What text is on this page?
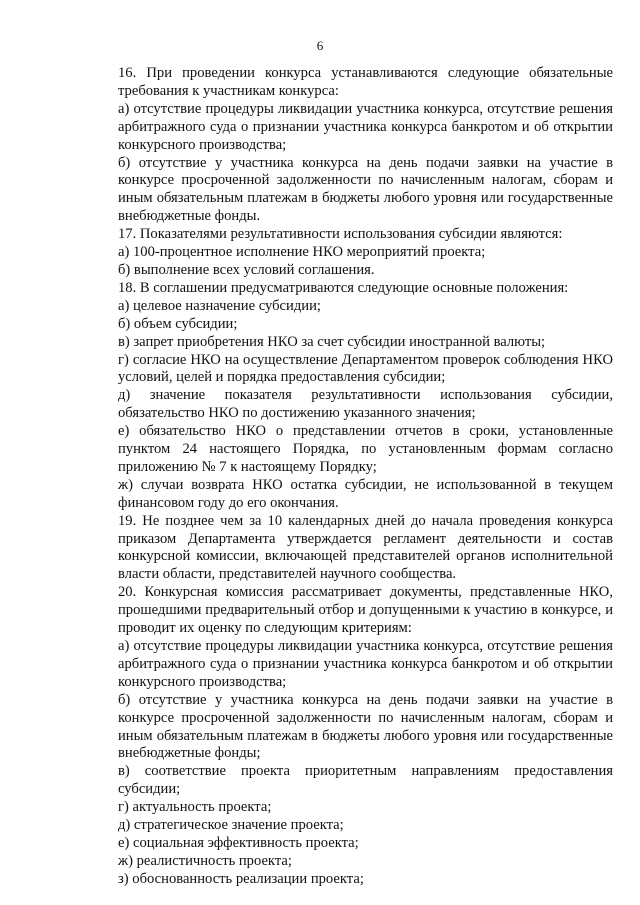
6

16. При проведении конкурса устанавливаются следующие обязательные требования к участникам конкурса:

а) отсутствие процедуры ликвидации участника конкурса, отсутствие решения арбитражного суда о признании участника конкурса банкротом и об открытии конкурсного производства;

б) отсутствие у участника конкурса на день подачи заявки на участие в конкурсе просроченной задолженности по начисленным налогам, сборам и иным обязательным платежам в бюджеты любого уровня или государственные внебюджетные фонды.

17. Показателями результативности использования субсидии являются:

а) 100-процентное исполнение НКО мероприятий проекта;

б) выполнение всех условий соглашения.

18. В соглашении предусматриваются следующие основные положения:

а) целевое назначение субсидии;

б) объем субсидии;

в) запрет приобретения НКО за счет субсидии иностранной валюты;

г) согласие НКО на осуществление Департаментом проверок соблюдения НКО условий, целей и порядка предоставления субсидии;

д) значение показателя результативности использования субсидии, обязательство НКО по достижению указанного значения;

е) обязательство НКО о представлении отчетов в сроки, установленные пунктом 24 настоящего Порядка, по установленным формам согласно приложению № 7 к настоящему Порядку;

ж) случаи возврата НКО остатка субсидии, не использованной в текущем финансовом году до его окончания.

19. Не позднее чем за 10 календарных дней до начала проведения конкурса приказом Департамента утверждается регламент деятельности и состав конкурсной комиссии, включающей представителей органов исполнительной власти области, представителей научного сообщества.

20. Конкурсная комиссия рассматривает документы, представленные НКО, прошедшими предварительный отбор и допущенными к участию в конкурсе, и проводит их оценку по следующим критериям:

а) отсутствие процедуры ликвидации участника конкурса, отсутствие решения арбитражного суда о признании участника конкурса банкротом и об открытии конкурсного производства;

б) отсутствие у участника конкурса на день подачи заявки на участие в конкурсе просроченной задолженности по начисленным налогам, сборам и иным обязательным платежам в бюджеты любого уровня или государственные внебюджетные фонды;

в) соответствие проекта приоритетным направлениям предоставления субсидии;

г) актуальность проекта;

д) стратегическое значение проекта;

е) социальная эффективность проекта;

ж) реалистичность проекта;

з) обоснованность реализации проекта;
